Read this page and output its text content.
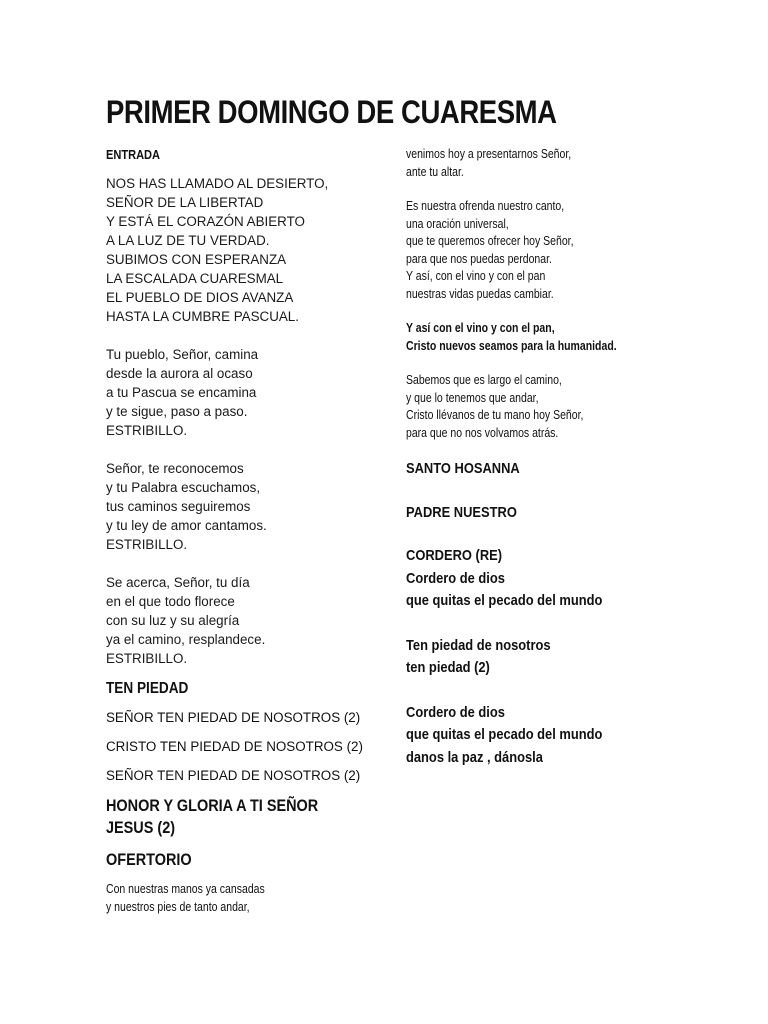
PRIMER DOMINGO DE CUARESMA
ENTRADA
NOS HAS LLAMADO AL DESIERTO,
SEÑOR DE LA LIBERTAD
Y ESTÁ EL CORAZÓN ABIERTO
A LA LUZ DE TU VERDAD.
SUBIMOS CON ESPERANZA
LA ESCALADA CUARESMAL
EL PUEBLO DE DIOS AVANZA
HASTA LA CUMBRE PASCUAL.
Tu pueblo, Señor, camina
desde la aurora al ocaso
a tu Pascua se encamina
y te sigue, paso a paso.
ESTRIBILLO.
Señor, te reconocemos
y tu Palabra escuchamos,
tus caminos seguiremos
y tu ley de amor cantamos.
ESTRIBILLO.
Se acerca, Señor, tu día
en el que todo florece
con su luz y su alegría
ya el camino, resplandece.
ESTRIBILLO.
TEN PIEDAD
SEÑOR TEN PIEDAD DE NOSOTROS (2)
CRISTO TEN PIEDAD DE NOSOTROS (2)
SEÑOR TEN PIEDAD DE NOSOTROS (2)
HONOR Y GLORIA A TI SEÑOR
JESUS (2)
OFERTORIO
Con nuestras manos ya cansadas
y nuestros pies de tanto andar,
venimos hoy a presentarnos Señor,
ante tu altar.
Es nuestra ofrenda nuestro canto,
una oración universal,
que te queremos ofrecer hoy Señor,
para que nos puedas perdonar.
Y así, con el vino y con el pan
nuestras vidas puedas cambiar.
Y así con el vino y con el pan,
Cristo nuevos seamos para la humanidad.
Sabemos que es largo el camino,
y que lo tenemos que andar,
Cristo llévanos de tu mano hoy Señor,
para que no nos volvamos atrás.
SANTO HOSANNA
PADRE NUESTRO
CORDERO (RE)
Cordero de dios
que quitas el pecado del mundo
Ten piedad de nosotros
ten piedad (2)
Cordero de dios
que quitas el pecado del mundo
danos la paz , dánosla
